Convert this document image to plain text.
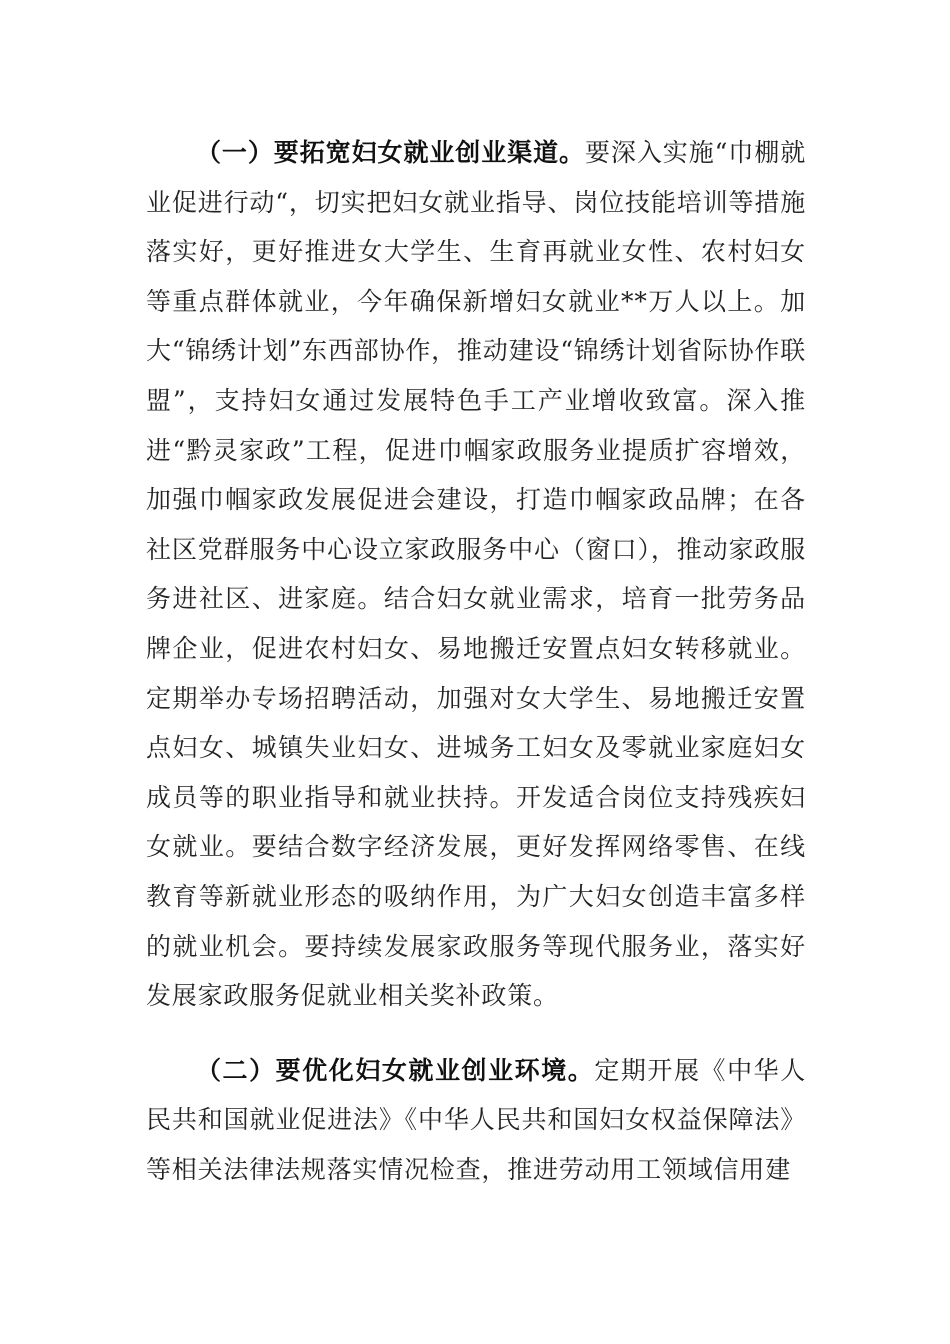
（一）要拓宽妇女就业创业渠道。要深入实施“巾棚就业促进行动“，切实把妇女就业指导、岗位技能培训等措施落实好，更好推进女大学生、生育再就业女性、农村妇女等重点群体就业，今年确保新增妇女就业**万人以上。加大“锦绣计划”东西部协作，推动建设“锦绣计划省际协作联盟”，支持妇女通过发展特色手工产业增收致富。深入推进“黔灵家政”工程，促进巾帼家政服务业提质扩容增效，加强巾帼家政发展促进会建设，打造巾帼家政品牌；在各社区党群服务中心设立家政服务中心（窗口），推动家政服务进社区、进家庭。结合妇女就业需求，培育一批劳务品牌企业，促进农村妇女、易地搬迁安置点妇女转移就业。定期举办专场招聘活动，加强对女大学生、易地搬迁安置点妇女、城镇失业妇女、进城务工妇女及零就业家庭妇女成员等的职业指导和就业扶持。开发适合岗位支持残疾妇女就业。要结合数字经济发展，更好发挥网络零售、在线教育等新就业形态的吸纳作用，为广大妇女创造丰富多样的就业机会。要持续发展家政服务等现代服务业，落实好发展家政服务促就业相关奖补政策。

（二）要优化妇女就业创业环境。定期开展《中华人民共和国就业促进法》《中华人民共和国妇女权益保障法》等相关法律法规落实情况检查，推进劳动用工领域信用建
